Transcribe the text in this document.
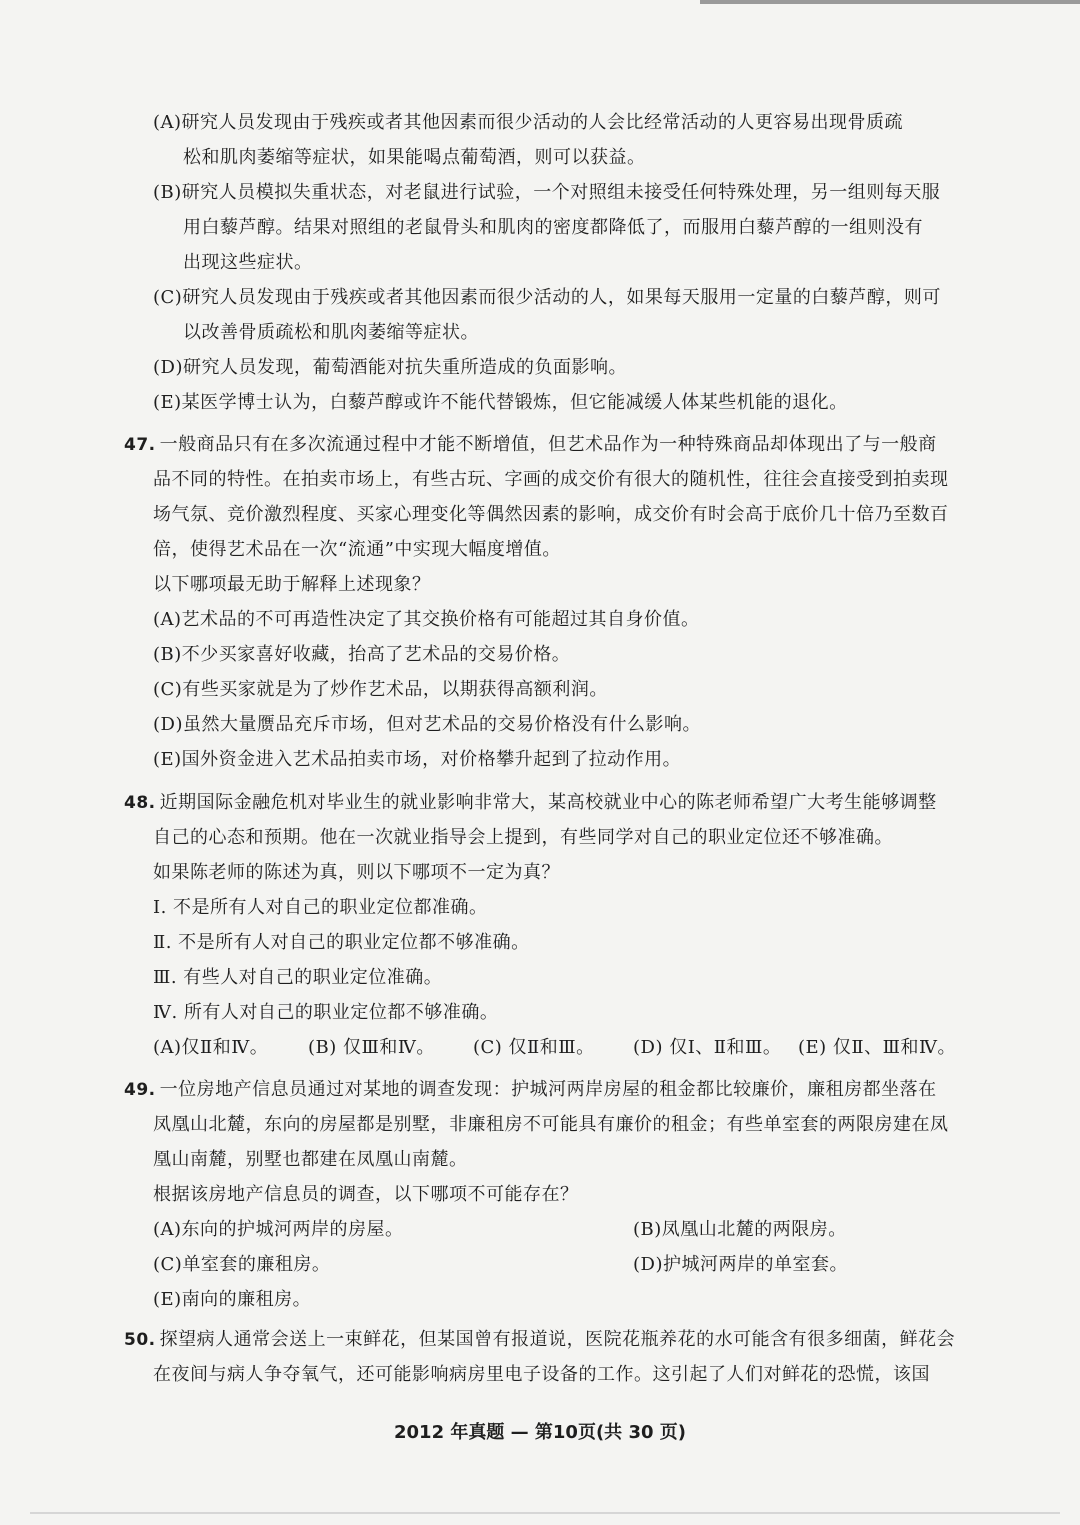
(A)研究人员发现由于残疾或者其他因素而很少活动的人会比经常活动的人更容易出现骨质疏
松和肌肉萎缩等症状，如果能喝点葡萄酒，则可以获益。
(B)研究人员模拟失重状态，对老鼠进行试验，一个对照组未接受任何特殊处理，另一组则每天服
用白藜芦醇。结果对照组的老鼠骨头和肌肉的密度都降低了，而服用白藜芦醇的一组则没有
出现这些症状。
(C)研究人员发现由于残疾或者其他因素而很少活动的人，如果每天服用一定量的白藜芦醇，则可
以改善骨质疏松和肌肉萎缩等症状。
(D)研究人员发现，葡萄酒能对抗失重所造成的负面影响。
(E)某医学博士认为，白藜芦醇或许不能代替锻炼，但它能减缓人体某些机能的退化。
47. 一般商品只有在多次流通过程中才能不断增值，但艺术品作为一种特殊商品却体现出了与一般商
品不同的特性。在拍卖市场上，有些古玩、字画的成交价有很大的随机性，往往会直接受到拍卖现
场气氛、竞价激烈程度、买家心理变化等偶然因素的影响，成交价有时会高于底价几十倍乃至数百
倍，使得艺术品在一次“流通”中实现大幅度增值。
以下哪项最无助于解释上述现象？
(A)艺术品的不可再造性决定了其交换价格有可能超过其自身价值。
(B)不少买家喜好收藏，抬高了艺术品的交易价格。
(C)有些买家就是为了炒作艺术品，以期获得高额利润。
(D)虽然大量赝品充斥市场，但对艺术品的交易价格没有什么影响。
(E)国外资金进入艺术品拍卖市场，对价格攀升起到了拉动作用。
48. 近期国际金融危机对毕业生的就业影响非常大，某高校就业中心的陈老师希望广大考生能够调整
自己的心态和预期。他在一次就业指导会上提到，有些同学对自己的职业定位还不够准确。
如果陈老师的陈述为真，则以下哪项不一定为真？
Ⅰ. 不是所有人对自己的职业定位都准确。
Ⅱ. 不是所有人对自己的职业定位都不够准确。
Ⅲ. 有些人对自己的职业定位准确。
Ⅳ. 所有人对自己的职业定位都不够准确。
(A)仅Ⅱ和Ⅳ。	(B) 仅Ⅲ和Ⅳ。	(C) 仅Ⅱ和Ⅲ。	(D) 仅Ⅰ、Ⅱ和Ⅲ。 (E) 仅Ⅱ、Ⅲ和Ⅳ。
49. 一位房地产信息员通过对某地的调查发现：护城河两岸房屋的租金都比较廉价，廉租房都坐落在
凤凰山北麓，东向的房屋都是别墅，非廉租房不可能具有廉价的租金；有些单室套的两限房建在凤
凰山南麓，别墅也都建在凤凰山南麓。
根据该房地产信息员的调查，以下哪项不可能存在？
(A)东向的护城河两岸的房屋。	(B)凤凰山北麓的两限房。
(C)单室套的廉租房。	(D)护城河两岸的单室套。
(E)南向的廉租房。
50. 探望病人通常会送上一束鲜花，但某国曾有报道说，医院花瓶养花的水可能含有很多细菌，鲜花会
在夜间与病人争夺氧气，还可能影响病房里电子设备的工作。这引起了人们对鲜花的恐慌，该国
2012 年真题 — 第10页(共 30 页)
